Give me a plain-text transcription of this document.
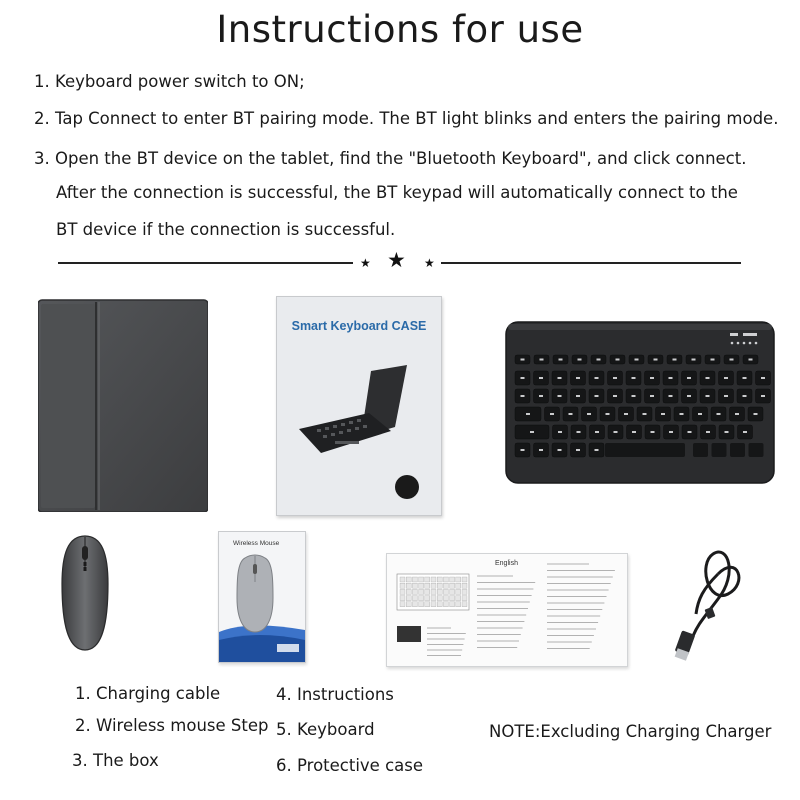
Instructions for use
1. Keyboard power switch to ON;
2. Tap Connect to enter BT pairing mode. The BT light blinks and enters the pairing mode.
3. Open the BT device on the tablet, find the "Bluetooth Keyboard", and click connect.
After the connection is successful, the BT keypad will automatically connect to the
BT device if the connection is successful.
★ ★ ★
Smart Keyboard CASE
Wireless Mouse
English
1. Charging cable
2. Wireless mouse Step
3. The box
4. Instructions
5. Keyboard
6. Protective case
NOTE:Excluding Charging Charger
